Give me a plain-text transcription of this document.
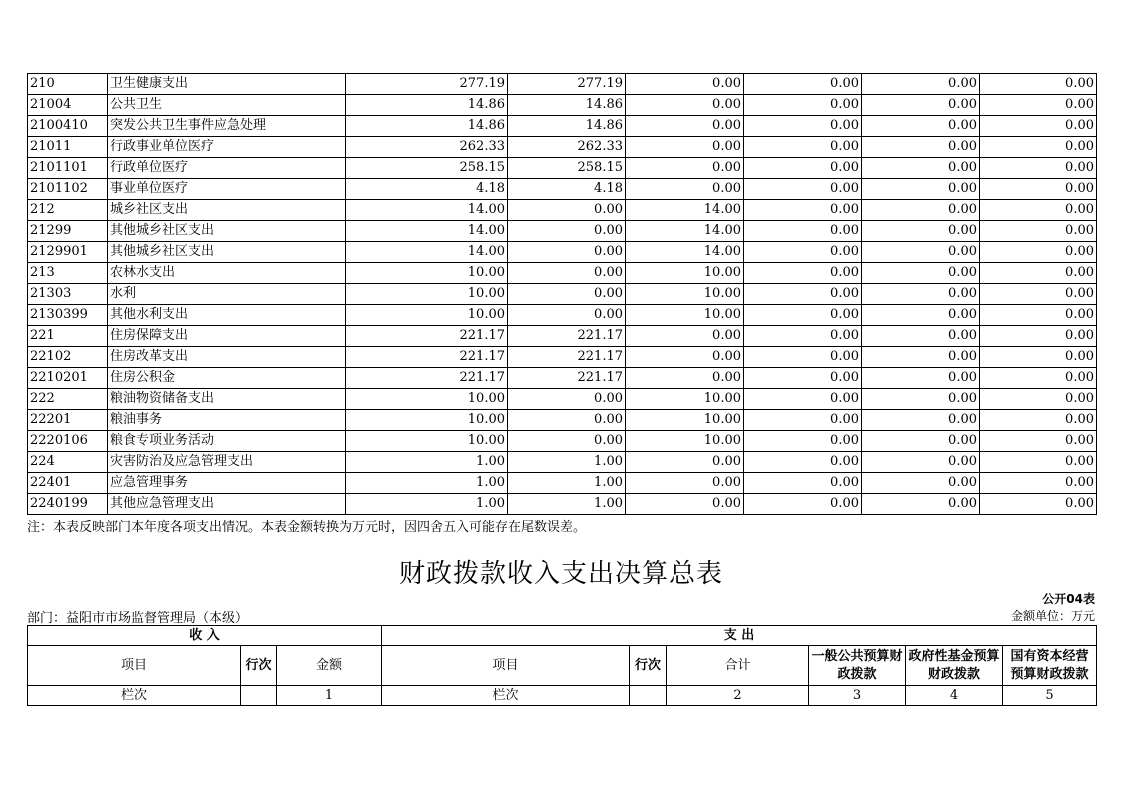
210	卫生健康支出	277.19	277.19	0.00	0.00	0.00	0.00
21004	公共卫生	14.86	14.86	0.00	0.00	0.00	0.00
2100410	突发公共卫生事件应急处理	14.86	14.86	0.00	0.00	0.00	0.00
21011	行政事业单位医疗	262.33	262.33	0.00	0.00	0.00	0.00
2101101	行政单位医疗	258.15	258.15	0.00	0.00	0.00	0.00
2101102	事业单位医疗	4.18	4.18	0.00	0.00	0.00	0.00
212	城乡社区支出	14.00	0.00	14.00	0.00	0.00	0.00
21299	其他城乡社区支出	14.00	0.00	14.00	0.00	0.00	0.00
2129901	其他城乡社区支出	14.00	0.00	14.00	0.00	0.00	0.00
213	农林水支出	10.00	0.00	10.00	0.00	0.00	0.00
21303	水利	10.00	0.00	10.00	0.00	0.00	0.00
2130399	其他水利支出	10.00	0.00	10.00	0.00	0.00	0.00
221	住房保障支出	221.17	221.17	0.00	0.00	0.00	0.00
22102	住房改革支出	221.17	221.17	0.00	0.00	0.00	0.00
2210201	住房公积金	221.17	221.17	0.00	0.00	0.00	0.00
222	粮油物资储备支出	10.00	0.00	10.00	0.00	0.00	0.00
22201	粮油事务	10.00	0.00	10.00	0.00	0.00	0.00
2220106	粮食专项业务活动	10.00	0.00	10.00	0.00	0.00	0.00
224	灾害防治及应急管理支出	1.00	1.00	0.00	0.00	0.00	0.00
22401	应急管理事务	1.00	1.00	0.00	0.00	0.00	0.00
2240199	其他应急管理支出	1.00	1.00	0.00	0.00	0.00	0.00
注：本表反映部门本年度各项支出情况。本表金额转换为万元时，因四舍五入可能存在尾数误差。
财政拨款收入支出决算总表
公开04表
部门：益阳市市场监督管理局（本级）	金额单位：万元
收 入			支 出					
项目	行次	金额	项目	行次	合计	一般公共预算财政拨款	政府性基金预算财政拨款	国有资本经营预算财政拨款
栏次		1	栏次		2	3	4	5
